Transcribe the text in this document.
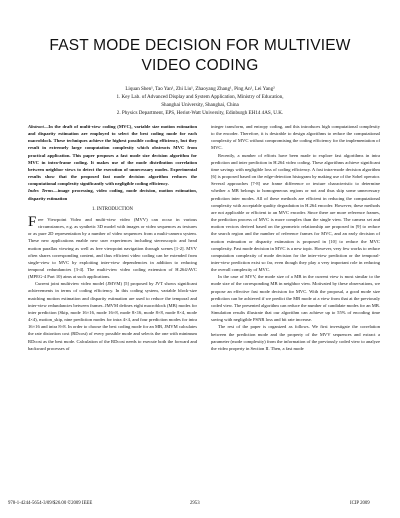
FAST MODE DECISION FOR MULTIVIEW
VIDEO CODING
Liquan Shen¹, Tao Yan¹, Zhi Liu¹, Zhaoyang Zhang¹, Ping An¹, Lei Yang²
1. Key Lab. of Advanced Display and System Application, Ministry of Education,
Shanghai University, Shanghai, China
2. Physics Department, EPS, Heriot-Watt University, Edinburgh EH14 4AS, U.K.

Abstract—In the draft of multi-view coding (MVC), variable size motion estimation and disparity estimation are employed to select the best coding mode for each macroblock. These techniques achieve the highest possible coding efficiency, but they result in extremely large computation complexity which obstructs MVC from practical application. This paper proposes a fast mode size decision algorithm for MVC in intra-frame coding. It makes use of the mode distribution correlation between neighbor views to detect the execution of unnecessary modes. Experimental results show that the proposed fast mode decision algorithm reduces the computational complexity significantly with negligible coding efficiency.

Index Terms—image processing, video coding, mode decision, motion estimation, disparity estimation

1. INTRODUCTION

Free Viewpoint Video and multi-view video (MVV) can occur in various circumstances, e.g. as synthetic 3D model with images or video sequences as textures or as pure 2D representation by a number of video sequences from a multi-camera system. These new applications enable new user experiences including stereoscopic and head motion parallax viewing as well as free viewpoint navigation through scenes [1-2]. MVV often shares corresponding content, and thus efficient video coding can be extended from single-view to MVC by exploiting inter-view dependencies in addition to reducing temporal redundancies [3-4]. The multi-view video coding extension of H.264/AVC (MPEG-4 Part 10) aims at such applications.

Current joint multiview video model (JMVM) [5] proposed by JVT shows significant achievements in terms of coding efficiency. In this coding system, variable block-size matching motion estimation and disparity estimation are used to reduce the temporal and inter-view redundancies between frames. JMVM defines eight macroblock (MB) modes for inter prediction (Skip, mode 16×16, mode 16×8, mode 8×16, mode 8×8, mode 8×4, mode 4×4), motion_skip, nine prediction modes for intra 4×4, and four prediction modes for intra 16×16 and intra 8×8. In order to choose the best coding mode for an MB, JMVM calculates the rate distortion cost (RDcost) of every possible mode and selects the one with minimum RDcost as the best mode. Calculation of the RDcost needs to execute both the forward and backward processes of

integer transform, and entropy coding, and this introduces high computational complexity to the encoder. Therefore, it is desirable to design algorithms to reduce the computational complexity of MVC without compromising the coding efficiency for the implementation of MVC.

Recently, a number of efforts have been made to explore fast algorithms in intra prediction and inter prediction in H.264 video coding. These algorithms achieve significant time savings with negligible loss of coding efficiency. A fast intra-mode decision algorithm [6] is proposed based on the edge-detection histogram by making use of the Sobel operator. Several approaches [7-8] use frame difference or texture characteristic to determine whether a MB belongs to homogeneous regions or not and thus skip some unnecessary prediction inter modes. All of these methods are efficient in reducing the computational complexity with acceptable quality degradation in H.264 encoder. However, these methods are not applicable or efficient to an MVC encoder. Since there are more reference frames, the prediction process of MVC is more complex than the single view. The camera set and motion vectors derived based on the geometric relationship are proposed in [9] to reduce the search region and the number of reference frames for MVC, and an early decision of motion estimation or disparity estimation is proposed in [10] to reduce the MVC complexity. Fast mode decision in MVC is a new topic. However, very few works to reduce computation complexity of mode decision for the inter-view prediction or the temporal-inter-view prediction exist so far, even though they play a very important role in reducing the overall complexity of MVC.

In the case of MVV, the mode size of a MB in the current view is most similar to the mode size of the corresponding MB in neighbor view. Motivated by these observations, we propose an effective fast mode decision for MVC. With the proposal, a good mode size prediction can be achieved if we predict the MB mode at a view from that at the previously coded view. The presented algorithm can reduce the number of candidate modes for an MB. Simulation results illustrate that our algorithm can achieve up to 55% of encoding time saving with negligible PSNR loss and bit rate increase.

The rest of the paper is organized as follows. We first investigate the correlation between the prediction mode and the property of the MVV sequences and extract a parameter (mode complexity) from the information of the previously coded view to analyze the video property in Section II. Then, a fast mode

978-1-4244-5654-3/09/$26.00 ©2009 IEEE	2953	ICIP 2009
